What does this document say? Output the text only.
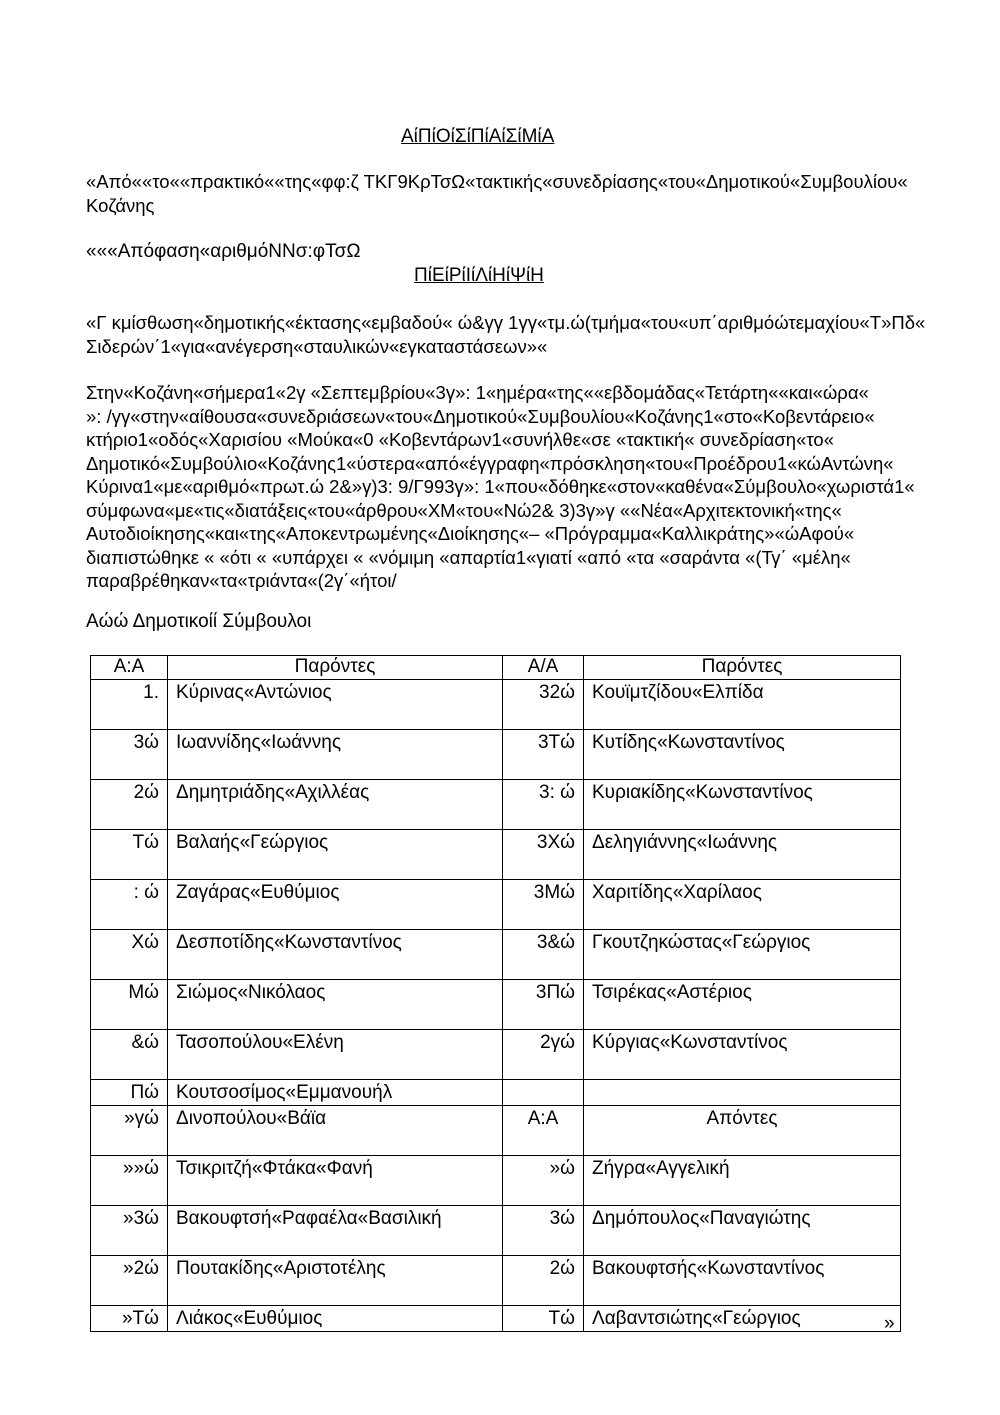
ΑίΠίΟίΣίΠίΑίΣίΜίΑ
«Από««το««πρακτικό««της«φφ:ζ ΤΚΓ9ΚρΤσΩ«τακτικής«συνεδρίασης«του«Δημοτικού«Συμβουλίου«
Κοζάνης
«««Απόφαση«αριθμόΝΝσ:φΤσΩ
ΠίΕίΡίΙίΛίΗίΨίΗ
«Γ κμίσθωση«δημοτικής«έκτασης«εμβαδού« ώ&γγ 1γγ«τμ.ώ(τμήμα«του«υπ΄αριθμόώτεμαχίου«Τ»Πδ«
Σιδερών΄1«για«ανέγερση«σταυλικών«εγκαταστάσεων»«
Στην«Κοζάνη«σήμερα1«2γ «Σεπτεμβρίου«3γ»: 1«ημέρα«της««εβδομάδας«Τετάρτη««και«ώρα«
»: /γγ«στην«αίθουσα«συνεδριάσεων«του«Δημοτικού«Συμβουλίου«Κοζάνης1«στο«Κοβεντάρειο«
κτήριο1«οδός«Χαρισίου «Μούκα«0 «Κοβεντάρων1«συνήλθε«σε «τακτική« συνεδρίαση«το«
Δημοτικό«Συμβούλιο«Κοζάνης1«ύστερα«από«έγγραφη«πρόσκληση«του«Προέδρου1«κώΑντώνη«
Κύρινα1«με«αριθμό«πρωτ.ώ 2&»γ)3: 9/Γ993γ»: 1«που«δόθηκε«στον«καθένα«Σύμβουλο«χωριστά1«
σύμφωνα«με«τις«διατάξεις«του«άρθρου«ΧΜ«του«Νώ2& 3)3γ»γ ««Νέα«Αρχιτεκτονική«της«
Αυτοδιοίκησης«και«της«Αποκεντρωμένης«Διοίκησης«– «Πρόγραμμα«Καλλικράτης»«ώΑφού«
διαπιστώθηκε « «ότι « «υπάρχει « «νόμιμη «απαρτία1«γιατί «από «τα «σαράντα «(Τγ΄ «μέλη«
παραβρέθηκαν«τα«τριάντα«(2γ΄«ήτοι/
Αώώ Δημοτικοίί Σύμβουλοι
Α:Α	Παρόντες	Α/Α	Παρόντες
1.	Κύρινας«Αντώνιος	32ώ	Κουϊμτζίδου«Ελπίδα
3ώ	Ιωαννίδης«Ιωάννης	3Τώ	Κυτίδης«Κωνσταντίνος
2ώ	Δημητριάδης«Αχιλλέας	3: ώ	Κυριακίδης«Κωνσταντίνος
Τώ	Βαλαής«Γεώργιος	3Χώ	Δεληγιάννης«Ιωάννης
: ώ	Ζαγάρας«Ευθύμιος	3Μώ	Χαριτίδης«Χαρίλαος
Χώ	Δεσποτίδης«Κωνσταντίνος	3&ώ	Γκουτζηκώστας«Γεώργιος
Μώ	Σιώμος«Νικόλαος	3Πώ	Τσιρέκας«Αστέριος
&ώ	Τασοπούλου«Ελένη	2γώ	Κύργιας«Κωνσταντίνος
Πώ	Κουτσοσίμος«Εμμανουήλ		
»γώ	Δινοπούλου«Βάϊα	Α:Α	Απόντες
»»ώ	Τσικριτζή«Φτάκα«Φανή	»ώ	Ζήγρα«Αγγελική
»3ώ	Βακουφτσή«Ραφαέλα«Βασιλική	3ώ	Δημόπουλος«Παναγιώτης
»2ώ	Πουτακίδης«Αριστοτέλης	2ώ	Βακουφτσής«Κωνσταντίνος
»Τώ	Λιάκος«Ευθύμιος	Τώ	Λαβαντσιώτης«Γεώργιος	»
